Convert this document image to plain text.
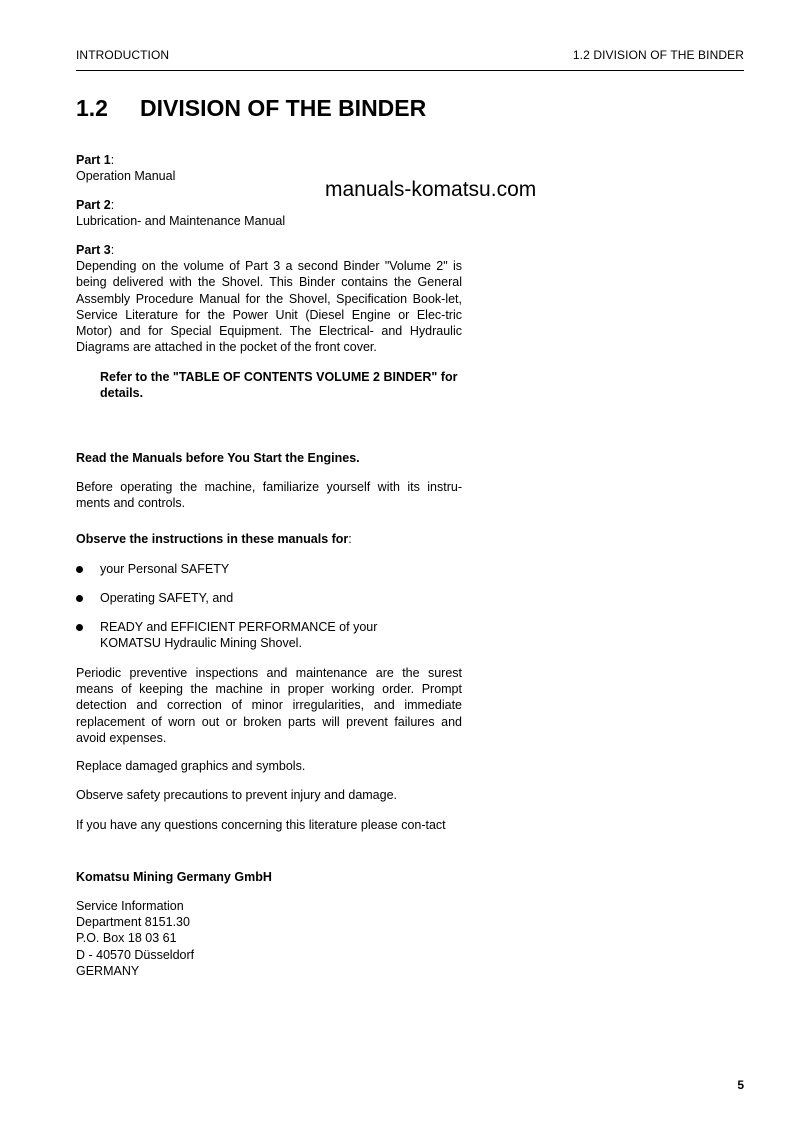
INTRODUCTION	1.2 DIVISION OF THE BINDER
1.2 DIVISION OF THE BINDER
manuals-komatsu.com

Part 1:

Operation Manual

Part 2:

Lubrication- and Maintenance Manual

Part 3:

Depending on the volume of Part 3 a second Binder "Volume 2" is being delivered with the Shovel. This Binder contains the General Assembly Procedure Manual for the Shovel, Specification Book-let, Service Literature for the Power Unit (Diesel Engine or Elec-tric Motor) and for Special Equipment. The Electrical- and Hydraulic Diagrams are attached in the pocket of the front cover.

Refer to the "TABLE OF CONTENTS VOLUME 2 BINDER" for details.
Read the Manuals before You Start the Engines.
Before operating the machine, familiarize yourself with its instru-ments and controls.
Observe the instructions in these manuals for:
your Personal SAFETY
Operating SAFETY, and
READY and EFFICIENT PERFORMANCE of your KOMATSU Hydraulic Mining Shovel.
Periodic preventive inspections and maintenance are the surest means of keeping the machine in proper working order. Prompt detection and correction of minor irregularities, and immediate replacement of worn out or broken parts will prevent failures and avoid expenses.
Replace damaged graphics and symbols.
Observe safety precautions to prevent injury and damage.
If you have any questions concerning this literature please con-tact
Komatsu Mining Germany GmbH

Service Information

Department 8151.30

P.O. Box 18 03 61

D - 40570 Düsseldorf

GERMANY

5
